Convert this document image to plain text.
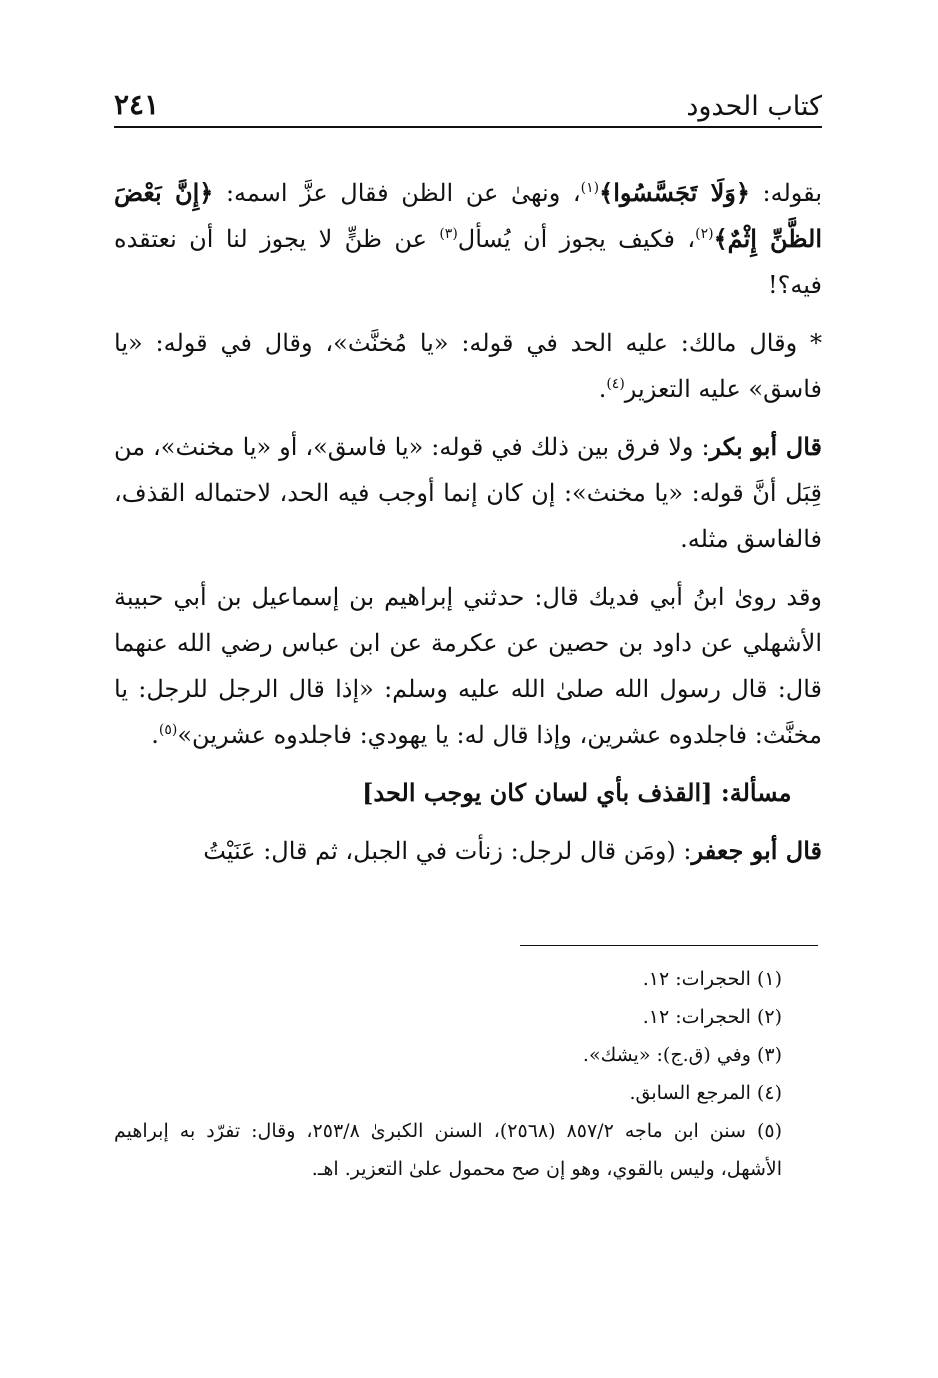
كتاب الحدود
٢٤١

بقوله: ﴿وَلَا تَجَسَّسُوا﴾$^{(١)}$، ونهىٰ عن الظن فقال عزَّ اسمه: ﴿إِنَّ بَعْضَ الظَّنِّ إِثْمٌ﴾$^{(٢)}$، فكيف يجوز أن يُسأل$^{(٣)}$ عن ظنٍّ لا يجوز لنا أن نعتقده فيه؟!

* وقال مالك: عليه الحد في قوله: «يا مُخنَّث»، وقال في قوله: «يا فاسق» عليه التعزير$^{(٤)}$.

قال أبو بكر: ولا فرق بين ذلك في قوله: «يا فاسق»، أو «يا مخنث»، من قِبَل أنَّ قوله: «يا مخنث»: إن كان إنما أوجب فيه الحد، لاحتماله القذف، فالفاسق مثله.

وقد روىٰ ابنُ أبي فديك قال: حدثني إبراهيم بن إسماعيل بن أبي حبيبة الأشهلي عن داود بن حصين عن عكرمة عن ابن عباس رضي الله عنهما قال: قال رسول الله صلىٰ الله عليه وسلم: «إذا قال الرجل للرجل: يا مخنَّث: فاجلدوه عشرين، وإذا قال له: يا يهودي: فاجلدوه عشرين»$^{(٥)}$.

مسألة: [القذف بأي لسان كان يوجب الحد]

قال أبو جعفر: (ومَن قال لرجل: زنأت في الجبل، ثم قال: عَنَيْتُ

(١) الحجرات: ١٢.

(٢) الحجرات: ١٢.

(٣) وفي (ق.ج): «يشك».

(٤) المرجع السابق.

(٥) سنن ابن ماجه ٨٥٧/٢ (٢٥٦٨)، السنن الكبرىٰ ٢٥٣/٨، وقال: تفرّد به إبراهيم الأشهل، وليس بالقوي، وهو إن صح محمول علىٰ التعزير. اهـ.
